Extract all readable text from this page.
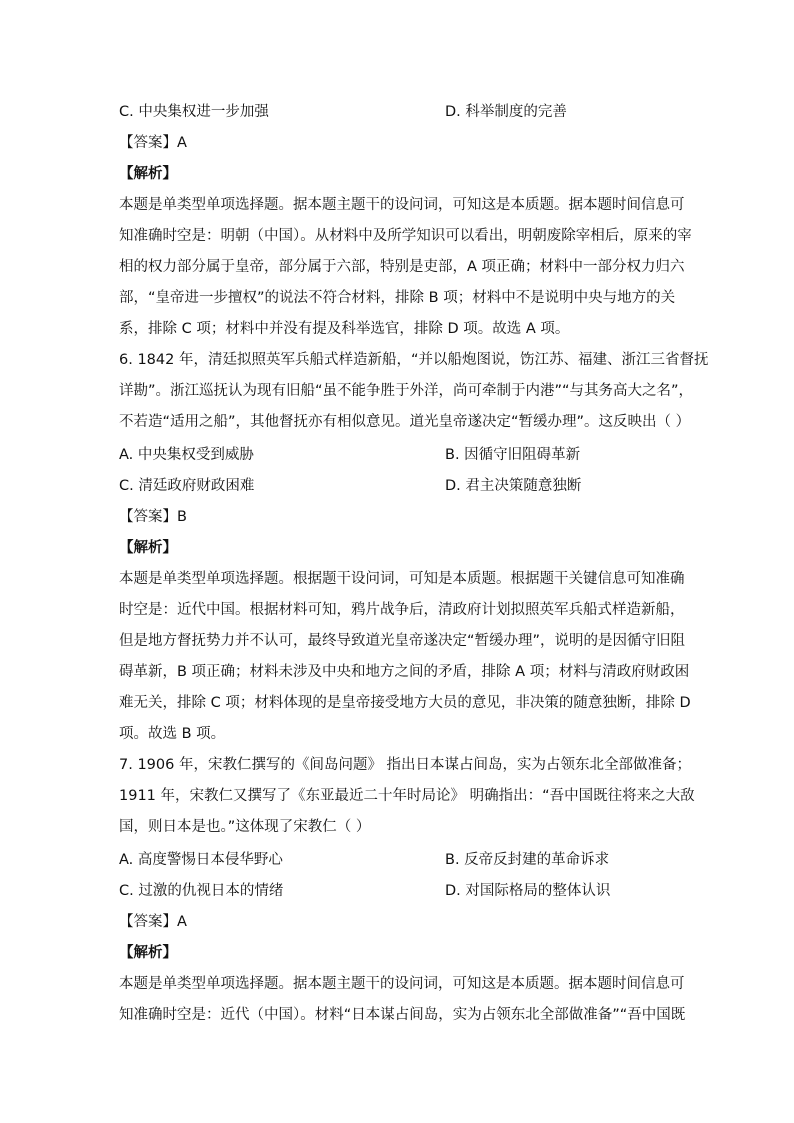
C. 中央集权进一步加强	D. 科举制度的完善
【答案】A
【解析】
本题是单类型单项选择题。据本题主题干的设问词，可知这是本质题。据本题时间信息可
知准确时空是：明朝（中国）。从材料中及所学知识可以看出，明朝废除宰相后，原来的宰
相的权力部分属于皇帝，部分属于六部，特别是吏部，A 项正确；材料中一部分权力归六
部，“皇帝进一步擅权”的说法不符合材料，排除 B 项；材料中不是说明中央与地方的关
系，排除 C 项；材料中并没有提及科举选官，排除 D 项。故选 A 项。
6. 1842 年，清廷拟照英军兵船式样造新船，“并以船炮图说，饬江苏、福建、浙江三省督抚
详勘”。浙江巡抚认为现有旧船“虽不能争胜于外洋，尚可牵制于内港”“与其务高大之名”，
不若造“适用之船”，其他督抚亦有相似意见。道光皇帝遂决定“暂缓办理”。这反映出（ ）
A. 中央集权受到威胁	B. 因循守旧阻碍革新
C. 清廷政府财政困难	D. 君主决策随意独断
【答案】B
【解析】
本题是单类型单项选择题。根据题干设问词，可知是本质题。根据题干关键信息可知准确
时空是：近代中国。根据材料可知，鸦片战争后，清政府计划拟照英军兵船式样造新船，
但是地方督抚势力并不认可，最终导致道光皇帝遂决定“暂缓办理”，说明的是因循守旧阻
碍革新，B 项正确；材料未涉及中央和地方之间的矛盾，排除 A 项；材料与清政府财政困
难无关，排除 C 项；材料体现的是皇帝接受地方大员的意见，非决策的随意独断，排除 D
项。故选 B 项。
7. 1906 年，宋教仁撰写的《间岛问题》 指出日本谋占间岛，实为占领东北全部做准备；
1911 年，宋教仁又撰写了《东亚最近二十年时局论》 明确指出：“吾中国既往将来之大敌
国，则日本是也。”这体现了宋教仁（ ）
A. 高度警惕日本侵华野心	B. 反帝反封建的革命诉求
C. 过激的仇视日本的情绪	D. 对国际格局的整体认识
【答案】A
【解析】
本题是单类型单项选择题。据本题主题干的设问词，可知这是本质题。据本题时间信息可
知准确时空是：近代（中国）。材料“日本谋占间岛，实为占领东北全部做准备”“吾中国既
